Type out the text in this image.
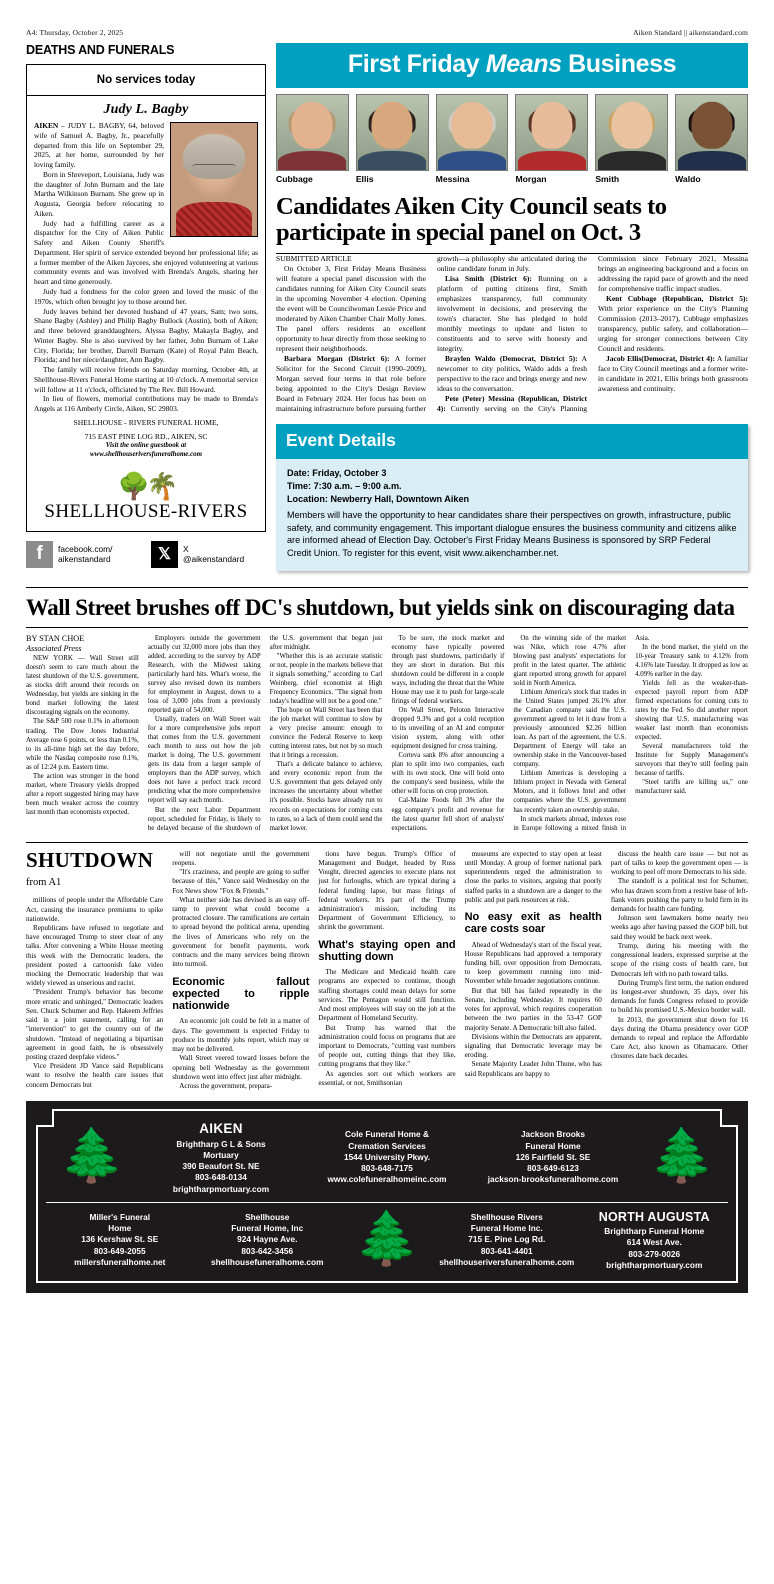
A4: Thursday, October 2, 2025	Aiken Standard || aikenstandard.com
DEATHS AND FUNERALS
No services today
Judy L. Bagby

AIKEN – JUDY L. BAGBY, 64, beloved wife of Samuel A. Bagby, Jr., peacefully departed from this life on September 29, 2025, at her home, surrounded by her loving family.

Born in Shreveport, Louisiana, Judy was the daughter of John Burnam and the late Martha Wilkinson Burnam. She grew up in Augusta, Georgia before relocating to Aiken.

Judy had a fulfilling career as a dispatcher for the City of Aiken Public Safety and Aiken County Sheriff's Department. Her spirit of service extended beyond her professional life; as a former member of the Aiken Jaycees, she enjoyed volunteering at various community events and was involved with Brenda's Angels, sharing her heart and time generously.

Judy had a fondness for the color green and loved the music of the 1970s, which often brought joy to those around her.

Judy leaves behind her devoted husband of 47 years, Sam; two sons, Shane Bagby (Ashley) and Philip Bagby Bullock (Austin), both of Aiken; and three beloved granddaughters, Alyssa Bagby, Makayla Bagby, and Winter Bagby. She is also survived by her father, John Burnam of Lake City, Florida; her brother, Darrell Burnam (Kate) of Royal Palm Beach, Florida; and her niece/daughter, Ann Bagby.

The family will receive friends on Saturday morning, October 4th, at Shellhouse-Rivers Funeral Home starting at 10 o'clock. A memorial service will follow at 11 o'clock, officiated by The Rev. Bill Howard.

In lieu of flowers, memorial contributions may be made to Brenda's Angels at 116 Amberly Circle, Aiken, SC 29803.

SHELLHOUSE - RIVERS FUNERAL HOME,
715 EAST PINE LOG RD., AIKEN, SC
Visit the online guestbook at
www.shellhouseriversfuneralhome.com
🌳🌴
SHELLHOUSE-RIVERS
f	facebook.com/
aikenstandard	𝕏	X
@aikenstandard
First Friday Means Business
Cubbage	Ellis	Messina	Morgan	Smith	Waldo
Candidates Aiken City Council seats to participate in special panel on Oct. 3

SUBMITTED ARTICLE

On October 3, First Friday Means Business will feature a special panel discussion with the candidates running for Aiken City Council seats in the upcoming November 4 election. Opening the event will be Councilwoman Lessie Price and moderated by Aiken Chamber Chair Molly Jones. The panel offers residents an excellent opportunity to hear directly from those seeking to represent their neighborhoods.

Barbara Morgan (District 6): A former Solicitor for the Second Circuit (1990–2009), Morgan served four terms in that role before being appointed to the City's Design Review Board in February 2024. Her focus has been on maintaining infrastructure before pursuing further growth—a philosophy she articulated during the online candidate forum in July.

Lisa Smith (District 6): Running on a platform of putting citizens first, Smith emphasizes transparency, full community involvement in decisions, and preserving the town's character. She has pledged to hold monthly meetings to update and listen to constituents and to serve with honesty and integrity.

Braylen Waldo (Democrat, District 5): A newcomer to city politics, Waldo adds a fresh perspective to the race and brings energy and new ideas to the conversation.

Pete (Peter) Messina (Republican, District 4): Currently serving on the City's Planning Commission since February 2021, Messina brings an engineering background and a focus on addressing the rapid pace of growth and the need for comprehensive traffic impact studies.

Kent Cubbage (Republican, District 5): With prior experience on the City's Planning Commission (2013–2017), Cubbage emphasizes transparency, public safety, and collaboration—urging for stronger connections between City Council and residents.

Jacob Ellis(Democrat, District 4): A familiar face to City Council meetings and a former write-in candidate in 2021, Ellis brings both grassroots awareness and continuity.

Event Details
Date: Friday, October 3
Time: 7:30 a.m. – 9:00 a.m.
Location: Newberry Hall, Downtown Aiken
Members will have the opportunity to hear candidates share their perspectives on growth, infrastructure, public safety, and community engagement. This important dialogue ensures the business community and citizens alike are informed ahead of Election Day. October's First Friday Means Business is sponsored by SRP Federal Credit Union. To register for this event, visit www.aikenchamber.net.
Wall Street brushes off DC's shutdown, but yields sink on discouraging data

BY STAN CHOE
Associated Press

NEW YORK — Wall Street still doesn't seem to care much about the latest shutdown of the U.S. government, as stocks drift around their records on Wednesday, but yields are sinking in the bond market following the latest discouraging signals on the economy.

The S&P 500 rose 0.1% in afternoon trading. The Dow Jones Industrial Average rose 6 points, or less than 0.1%, to its all-time high set the day before, while the Nasdaq composite rose 0.1%, as of 12:24 p.m. Eastern time.

The action was stronger in the bond market, where Treasury yields dropped after a report suggested hiring may have been much weaker across the country last month than economists expected.

Employers outside the government actually cut 32,000 more jobs than they added, according to the survey by ADP Research, with the Midwest taking particularly hard hits. What's worse, the survey also revised down its numbers for employment in August, down to a loss of 3,000 jobs from a previously reported gain of 54,000.

Usually, traders on Wall Street wait for a more comprehensive jobs report that comes from the U.S. government each month to suss out how the job market is doing. The U.S. government gets its data from a larger sample of employers than the ADP survey, which does not have a perfect track record predicting what the more comprehensive report will say each month.

But the next Labor Department report, scheduled for Friday, is likely to be delayed because of the shutdown of the U.S. government that began just after midnight.

"Whether this is an accurate statistic or not, people in the markets believe that it signals something," according to Carl Weinberg, chief economist at High Frequency Economics. "The signal from today's headline will not be a good one."

The hope on Wall Street has been that the job market will continue to slow by a very precise amount: enough to convince the Federal Reserve to keep cutting interest rates, but not by so much that it brings a recession.

That's a delicate balance to achieve, and every economic report from the U.S. government that gets delayed only increases the uncertainty about whether it's possible. Stocks have already run to records on expectations for coming cuts to rates, so a lack of them could send the market lower.

To be sure, the stock market and economy have typically powered through past shutdowns, particularly if they are short in duration. But this shutdown could be different in a couple ways, including the threat that the White House may use it to push for large-scale firings of federal workers.

On Wall Street, Peloton Interactive dropped 9.3% and got a cold reception to its unveiling of an AI and computer vision system, along with other equipment designed for cross training.

Corteva sank 8% after announcing a plan to split into two companies, each with its own stock. One will hold onto the company's seed business, while the other will focus on crop protection.

Cal-Maine Foods fell 3% after the egg company's profit and revenue for the latest quarter fell short of analysts' expectations.

On the winning side of the market was Nike, which rose 4.7% after blowing past analysts' expectations for profit in the latest quarter. The athletic giant reported strong growth for apparel sold in North America.

Lithium America's stock that trades in the United States jumped 26.1% after the Canadian company said the U.S. government agreed to let it draw from a previously announced $2.26 billion loan. As part of the agreement, the U.S. Department of Energy will take an ownership stake in the Vancouver-based company.

Lithium Americas is developing a lithium project in Nevada with General Motors, and it follows Intel and other companies where the U.S. government has recently taken an ownership stake.

In stock markets abroad, indexes rose in Europe following a mixed finish in Asia.

In the bond market, the yield on the 10-year Treasury sank to 4.12% from 4.16% late Tuesday. It dropped as low as 4.09% earlier in the day.

Yields fell as the weaker-than-expected payroll report from ADP firmed expectations for coming cuts to rates by the Fed. So did another report showing that U.S. manufacturing was weaker last month than economists expected.

Several manufacturers told the Institute for Supply Management's surveyors that they're still feeling pain because of tariffs.

"Steel tariffs are killing us," one manufacturer said.

SHUTDOWN
from A1

millions of people under the Affordable Care Act, causing the insurance premiums to spike nationwide.

Republicans have refused to negotiate and have encouraged Trump to steer clear of any talks. After convening a White House meeting this week with the Democratic leaders, the president posted a cartoonish fake video mocking the Democratic leadership that was widely viewed as unserious and racist.

"President Trump's behavior has become more erratic and unhinged," Democratic leaders Sen. Chuck Schumer and Rep. Hakeem Jeffries said in a joint statement, calling for an "intervention" to get the country out of the shutdown. "Instead of negotiating a bipartisan agreement in good faith, he is obsessively posting crazed deepfake videos."

Vice President JD Vance said Republicans want to resolve the health care issues that concern Democrats but

will not negotiate until the government reopens.

"It's craziness, and people are going to suffer because of this," Vance said Wednesday on the Fox News show "Fox & Friends."

What neither side has devised is an easy off-ramp to prevent what could become a protracted closure. The ramifications are certain to spread beyond the political arena, upending the lives of Americans who rely on the government for benefit payments, work contracts and the many services being thrown into turmoil.

Economic fallout expected to ripple nationwide

An economic jolt could be felt in a matter of days. The government is expected Friday to produce its monthly jobs report, which may or may not be delivered.

Wall Street veered toward losses before the opening bell Wednesday as the government shutdown went into effect just after midnight.

Across the government, prepara-

tions have begun. Trump's Office of Management and Budget, headed by Russ Vought, directed agencies to execute plans not just for furloughs, which are typical during a federal funding lapse, but mass firings of federal workers. It's part of the Trump administration's mission, including its Department of Government Efficiency, to shrink the government.

What's staying open and shutting down

The Medicare and Medicaid health care programs are expected to continue, though staffing shortages could mean delays for some services. The Pentagon would still function. And most employees will stay on the job at the Department of Homeland Security.

But Trump has warned that the administration could focus on programs that are important to Democrats, "cutting vast numbers of people out, cutting things that they like, cutting programs that they like."

As agencies sort out which workers are essential, or not, Smithsonian

museums are expected to stay open at least until Monday. A group of former national park superintendents urged the administration to close the parks to visitors, arguing that poorly staffed parks in a shutdown are a danger to the public and put park resources at risk.

No easy exit as health care costs soar

Ahead of Wednesday's start of the fiscal year, House Republicans had approved a temporary funding bill, over opposition from Democrats, to keep government running into mid-November while broader negotiations continue.

But that bill has failed repeatedly in the Senate, including Wednesday. It requires 60 votes for approval, which requires cooperation between the two parties in the 53-47 GOP majority Senate. A Democratic bill also failed.

Divisions within the Democrats are apparent, signaling that Democratic leverage may be eroding.

Senate Majority Leader John Thune, who has said Republicans are happy to

discuss the health care issue — but not as part of talks to keep the government open — is working to peel off more Democrats to his side.

The standoff is a political test for Schumer, who has drawn scorn from a restive base of left-flank voters pushing the party to hold firm in its demands for health care funding.

Johnson sent lawmakers home nearly two weeks ago after having passed the GOP bill, but said they would be back next week.

Trump, during his meeting with the congressional leaders, expressed surprise at the scope of the rising costs of health care, but Democrats left with no path toward talks.

During Trump's first term, the nation endured its longest-ever shutdown, 35 days, over his demands for funds Congress refused to provide to build his promised U.S.-Mexico border wall.

In 2013, the government shut down for 16 days during the Obama presidency over GOP demands to repeal and replace the Affordable Care Act, also known as Obamacare. Other closures date back decades.

🌲	AIKEN
Brightharp G L & Sons
Mortuary
390 Beaufort St. NE
803-648-0134
brightharpmortuary.com
Cole Funeral Home &
Cremation Services
1544 University Pkwy.
803-648-7175
www.colefuneralhomeinc.com
Jackson Brooks
Funeral Home
126 Fairfield St. SE
803-649-6123
jackson-brooksfuneralhome.com 🌲
Miller's Funeral
Home
136 Kershaw St. SE
803-649-2055
millersfuneralhome.net
Shellhouse
Funeral Home, Inc
924 Hayne Ave.
803-642-3456
shellhousefuneralhome.com 🌲	Shellhouse Rivers
Funeral Home Inc.
715 E. Pine Log Rd.
803-641-4401
shellhouseriversfuneralhome.com
NORTH AUGUSTA
Brightharp Funeral Home
614 West Ave.
803-279-0026
brightharpmortuary.com
